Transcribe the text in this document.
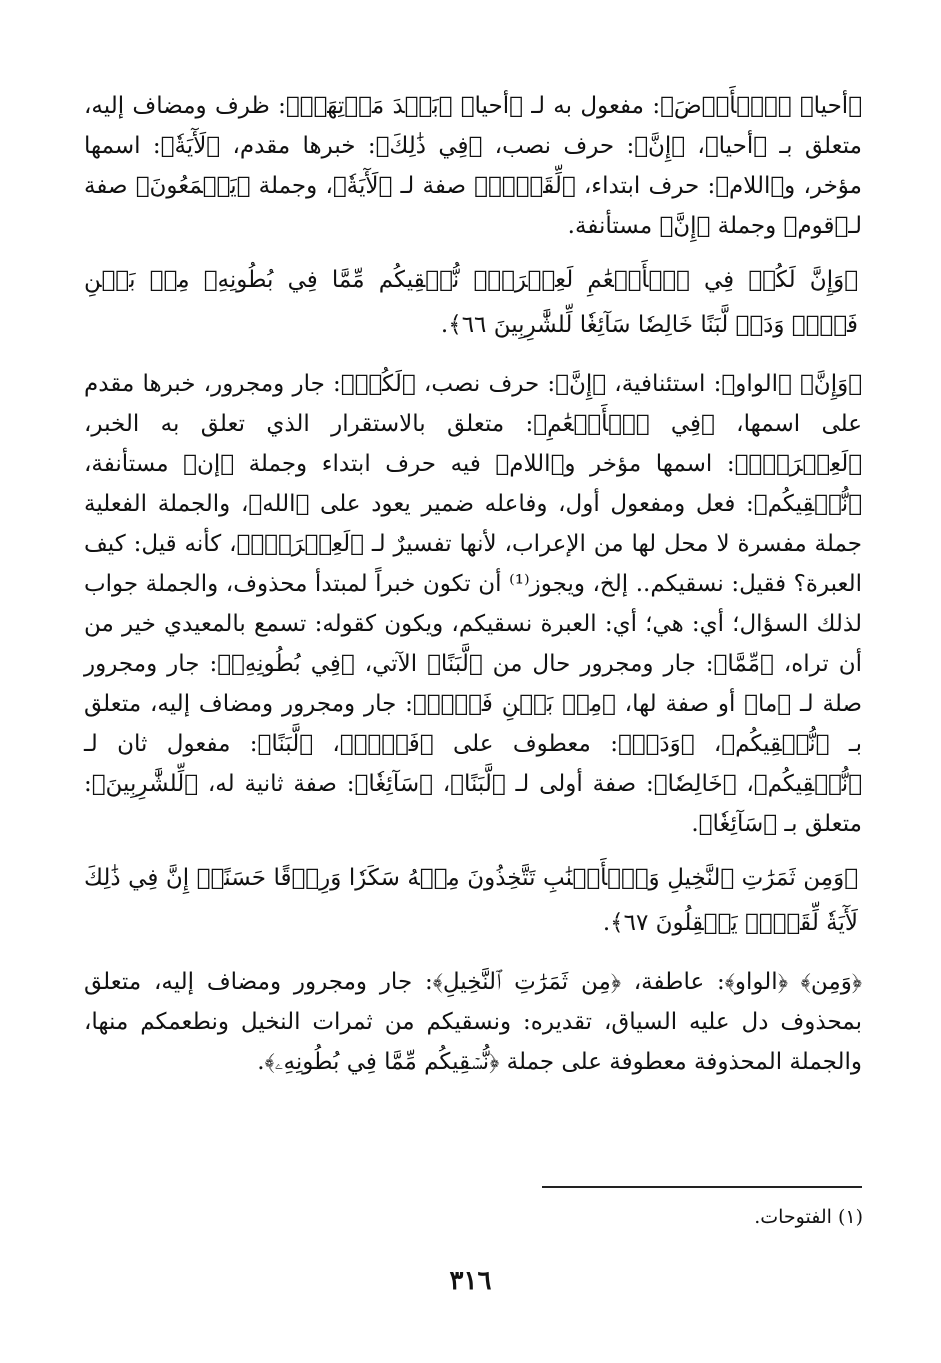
﴿أحيا﴾ ﴿ٱلۡأَرۡضَ﴾: مفعول به لـ ﴿أحيا﴾ ﴿بَعۡدَ مَوۡتِهَآۚ﴾: ظرف ومضاف إليه، متعلق بـ ﴿أحيا﴾، ﴿إِنَّ﴾: حرف نصب، ﴿فِي ذَٰلِكَ﴾: خبرها مقدم، ﴿لَأٓيَةٗ﴾: اسمها مؤخر، و﴿اللام﴾: حرف ابتداء، ﴿لِّقَوۡمٖ﴾ صفة لـ ﴿لَأٓيَةٗ﴾، وجملة ﴿يَسۡمَعُونَ﴾ صفة لـ﴿قوم﴾ وجملة ﴿إِنَّ﴾ مستأنفة.

﴿وَإِنَّ لَكُمۡ فِي ٱلۡأَنۡعَٰمِ لَعِبۡرَةٗۖ نُّسۡقِيكُم مِّمَّا فِي بُطُونِهِۦ مِنۢ بَيۡنِ فَرۡثٖ وَدَمٖ لَّبَنًا خَالِصٗا سَآئِغٗا لِّلشَّٰرِبِينَ ٦٦﴾.

﴿وَإِنَّ﴾ ﴿الواو﴾: استئنافية، ﴿إِنَّ﴾: حرف نصب، ﴿لَكُمۡ﴾: جار ومجرور، خبرها مقدم على اسمها، ﴿فِي ٱلۡأَنۡعَٰمِ﴾: متعلق بالاستقرار الذي تعلق به الخبر، ﴿لَعِبۡرَةٗۖ﴾: اسمها مؤخر و﴿اللام﴾ فيه حرف ابتداء وجملة ﴿إن﴾ مستأنفة، ﴿نُّسۡقِيكُم﴾: فعل ومفعول أول، وفاعله ضمير يعود على ﴿الله﴾، والجملة الفعلية جملة مفسرة لا محل لها من الإعراب، لأنها تفسيرٌ لـ ﴿لَعِبۡرَةٗۖ﴾، كأنه قيل: كيف العبرة؟ فقيل: نسقيكم.. إلخ، ويجوز⁽¹⁾ أن تكون خبراً لمبتدأ محذوف، والجملة جواب لذلك السؤال؛ أي: هي؛ أي: العبرة نسقيكم، ويكون كقوله: تسمع بالمعيدي خير من أن تراه، ﴿مِّمَّا﴾: جار ومجرور حال من ﴿لَّبَنًا﴾ الآتي، ﴿فِي بُطُونِهِۦ﴾: جار ومجرور صلة لـ ﴿ما﴾ أو صفة لها، ﴿مِنۢ بَيۡنِ فَرۡثٖ﴾: جار ومجرور ومضاف إليه، متعلق بـ ﴿نُّسۡقِيكُم﴾، ﴿وَدَمٖ﴾: معطوف على ﴿فَرۡثٖ﴾، ﴿لَّبَنًا﴾: مفعول ثان لـ ﴿نُّسۡقِيكُم﴾، ﴿خَالِصٗا﴾: صفة أولى لـ ﴿لَّبَنًا﴾، ﴿سَآئِغٗا﴾: صفة ثانية له، ﴿لِّلشَّٰرِبِينَ﴾: متعلق بـ ﴿سَآئِغٗا﴾.

﴿وَمِن ثَمَرَٰتِ ٱلنَّخِيلِ وَٱلۡأَعۡنَٰبِ تَتَّخِذُونَ مِنۡهُ سَكَرٗا وَرِزۡقًا حَسَنًاۚ إِنَّ فِي ذَٰلِكَ لَأٓيَةٗ لِّقَوۡمٖ يَعۡقِلُونَ ٦٧﴾.

﴿وَمِن﴾ ﴿الواو﴾: عاطفة، ﴿مِن ثَمَرَٰتِ ٱلنَّخِيلِ﴾: جار ومجرور ومضاف إليه، متعلق بمحذوف دل عليه السياق، تقديره: ونسقيكم من ثمرات النخيل ونطعمكم منها، والجملة المحذوفة معطوفة على جملة ﴿نُّسۡقِيكُم مِّمَّا فِي بُطُونِهِۦ﴾.

(١) الفتوحات.
٣١٦
